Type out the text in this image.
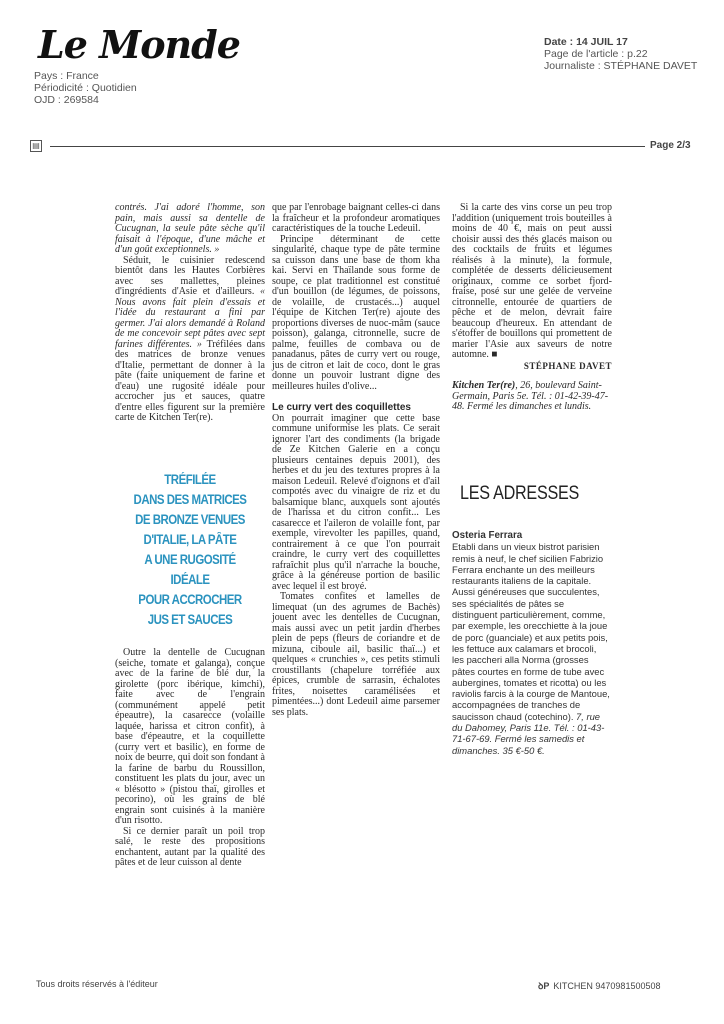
Le Monde
Pays : France
Périodicité : Quotidien
OJD : 269584
Date : 14 JUIL 17
Page de l'article : p.22
Journaliste : STÉPHANE DAVET
▤	Page 2/3

contrés. J'ai adoré l'homme, son pain, mais aussi sa dentelle de Cucugnan, la seule pâte sèche qu'il faisait à l'époque, d'une mâche et d'un goût exceptionnels. »

Séduit, le cuisinier redescend bientôt dans les Hautes Corbières avec ses mallettes, pleines d'ingrédients d'Asie et d'ailleurs. « Nous avons fait plein d'essais et l'idée du restaurant a fini par germer. J'ai alors demandé à Roland de me concevoir sept pâtes avec sept farines différentes. » Tréfilées dans des matrices de bronze venues d'Italie, permettant de donner à la pâte (faite uniquement de farine et d'eau) une rugosité idéale pour accrocher jus et sauces, quatre d'entre elles figurent sur la première carte de Kitchen Ter(re).

TRÉFILÉE
DANS DES MATRICES
DE BRONZE VENUES
D'ITALIE, LA PÂTE
A UNE RUGOSITÉ
IDÉALE
POUR ACCROCHER
JUS ET SAUCES

Outre la dentelle de Cucugnan (seiche, tomate et galanga), conçue avec de la farine de blé dur, la girolette (porc ibérique, kimchi), faite avec de l'engrain (communément appelé petit épeautre), la casarecce (volaille laquée, harissa et citron confit), à base d'épeautre, et la coquillette (curry vert et basilic), en forme de noix de beurre, qui doit son fondant à la farine de barbu du Roussillon, constituent les plats du jour, avec un « blésotto » (pistou thaï, girolles et pecorino), où les grains de blé engrain sont cuisinés à la manière d'un risotto.

Si ce dernier paraît un poil trop salé, le reste des propositions enchantent, autant par la qualité des pâtes et de leur cuisson al dente

que par l'enrobage baignant celles-ci dans la fraîcheur et la profondeur aromatiques caractéristiques de la touche Ledeuil.

Principe déterminant de cette singularité, chaque type de pâte termine sa cuisson dans une base de thom kha kai. Servi en Thaïlande sous forme de soupe, ce plat traditionnel est constitué d'un bouillon (de légumes, de poissons, de volaille, de crustacés...) auquel l'équipe de Kitchen Ter(re) ajoute des proportions diverses de nuoc-mâm (sauce poisson), galanga, citronnelle, sucre de palme, feuilles de combava ou de panadanus, pâtes de curry vert ou rouge, jus de citron et lait de coco, dont le gras donne un pouvoir lustrant digne des meilleures huiles d'olive...

Le curry vert des coquillettes

On pourrait imaginer que cette base commune uniformise les plats. Ce serait ignorer l'art des condiments (la brigade de Ze Kitchen Galerie en a conçu plusieurs centaines depuis 2001), des herbes et du jeu des textures propres à la maison Ledeuil. Relevé d'oignons et d'ail compotés avec du vinaigre de riz et du balsamique blanc, auxquels sont ajoutés de l'harissa et du citron confit... Les casarecce et l'aileron de volaille font, par exemple, virevolter les papilles, quand, contrairement à ce que l'on pourrait craindre, le curry vert des coquillettes rafraîchit plus qu'il n'arrache la bouche, grâce à la généreuse portion de basilic avec lequel il est broyé.

Tomates confites et lamelles de limequat (un des agrumes de Bachès) jouent avec les dentelles de Cucugnan, mais aussi avec un petit jardin d'herbes plein de peps (fleurs de coriandre et de mizuna, ciboule ail, basilic thaï...) et quelques « crunchies », ces petits stimuli croustillants (chapelure torréfiée aux épices, crumble de sarrasin, échalotes frites, noisettes caramélisées et pimentées...) dont Ledeuil aime parsemer ses plats.

Si la carte des vins corse un peu trop l'addition (uniquement trois bouteilles à moins de 40 €, mais on peut aussi choisir aussi des thés glacés maison ou des cocktails de fruits et légumes réalisés à la minute), la formule, complétée de desserts délicieusement originaux, comme ce sorbet fjord-fraise, posé sur une gelée de verveine citronnelle, entourée de quartiers de pêche et de melon, devrait faire beaucoup d'heureux. En attendant de s'étoffer de bouillons qui promettent de marier l'Asie aux saveurs de notre automne. ■

STÉPHANE DAVET

Kitchen Ter(re), 26, boulevard Saint-Germain, Paris 5e. Tél. : 01-42-39-47-48. Fermé les dimanches et lundis.

LES ADRESSES
Osteria Ferrara
Etabli dans un vieux bistrot parisien remis à neuf, le chef sicilien Fabrizio Ferrara enchante un des meilleurs restaurants italiens de la capitale. Aussi généreuses que succulentes, ses spécialités de pâtes se distinguent particulièrement, comme, par exemple, les orecchiette à la joue de porc (guanciale) et aux petits pois, les fettuce aux calamars et brocoli, les paccheri alla Norma (grosses pâtes courtes en forme de tube avec aubergines, tomates et ricotta) ou les raviolis farcis à la courge de Mantoue, accompagnées de tranches de saucisson chaud (cotechino). 7, rue du Dahomey, Paris 11e. Tél. : 01-43-71-67-69. Fermé les samedis et dimanches. 35 €-50 €.
Tous droits réservés à l'éditeur	ꝺP KITCHEN 9470981500508
